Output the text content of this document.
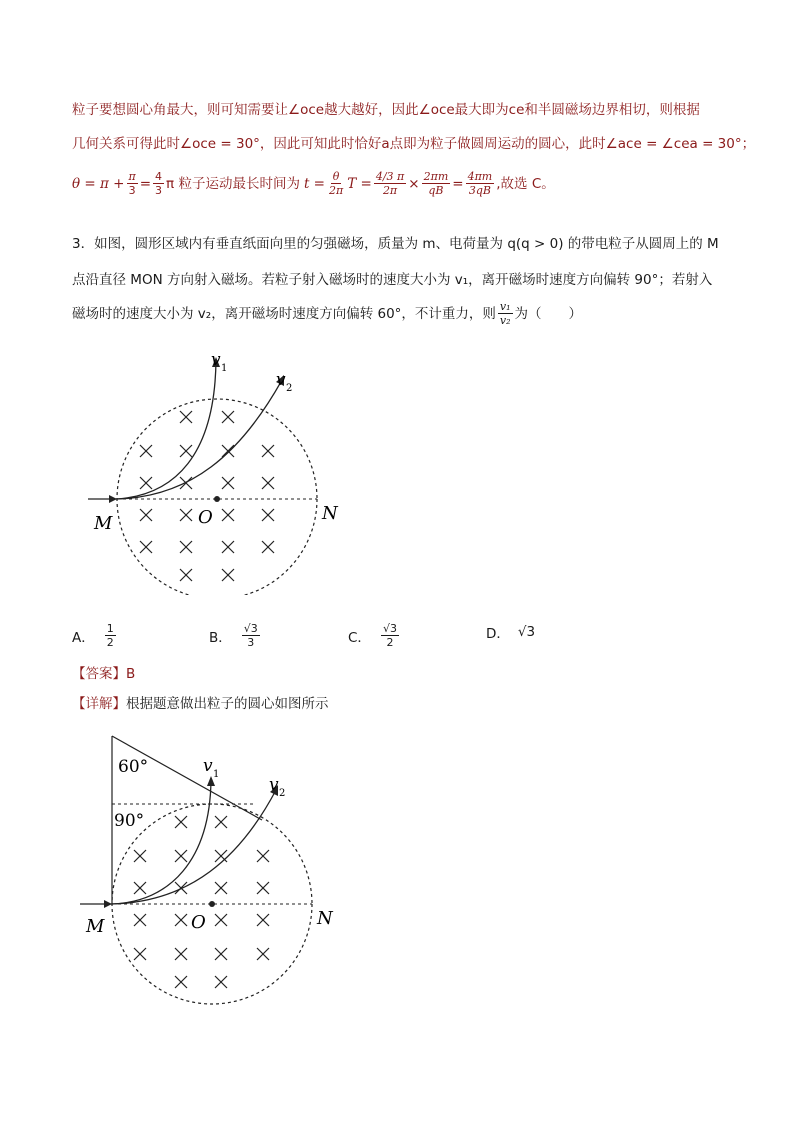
粒子要想圆心角最大，则可知需要让∠oce越大越好，因此∠oce最大即为ce和半圆磁场边界相切，则根据
几何关系可得此时∠oce = 30°，因此可知此时恰好a点即为粒子做圆周运动的圆心，此时∠ace = ∠cea = 30°；
$\theta = \pi + \frac{\pi}{3} = \frac{4}{3}$ π 粒子运动最长时间为 $t = \frac{\theta}{2\pi}$ $T = \frac{4/3 \pi}{2\pi} \times \frac{2\pi m}{qB} = \frac{4\pi m}{3qB}$ ,故选 C。
3．如图，圆形区域内有垂直纸面向里的匀强磁场，质量为 m、电荷量为 q(q > 0) 的带电粒子从圆周上的 M
点沿直径 MON 方向射入磁场。若粒子射入磁场时的速度大小为 v₁，离开磁场时速度方向偏转 90°；若射入
磁场时的速度大小为 v₂，离开磁场时速度方向偏转 60°，不计重力，则 $\frac{\text{v₁}}{\text{v₂}}$ 为（　　）
v 1
v 2
M	O	N
A． $\frac{1}{2}$	B． $\frac{√3}{3}$	C． $\frac{√3}{2}$	D． √3
【答案】B
【详解】根据题意做出粒子的圆心如图所示
60°
90°
v 1
v 2
M	O	N
